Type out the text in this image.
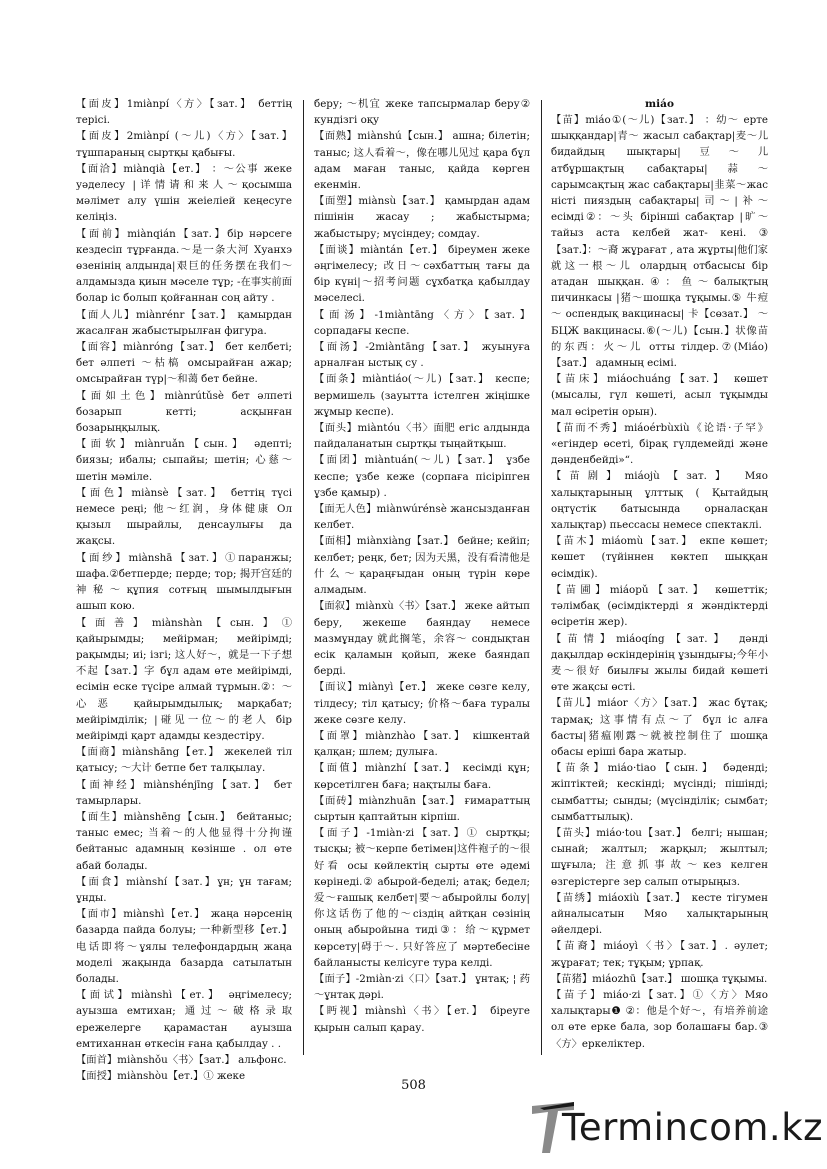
【面皮】1miànpí〈方〉【зат.】 беттің терісі.

【面皮】2miànpí (～儿)〈方〉【зат.】 тұшпараның сыртқы қабығы.

【面洽】miànqià【ет.】 ：～公事 жеке уәделесу |详情请和来人～қосымша мәлімет алу үшін жеіеліей кеңесуге келіңіз.

【面前】miànqián【зат.】бір нәрсеге кездесіп тұрғанда.～是一条大河 Хуанхэ өзенінің алдында|艰巨的任务摆在我们～алдамызда қиын мәселе тұр; -在事实前面 болар іс болып қойғаннан соң айту .

【面人儿】miànrénr【зат.】 қамырдан жасалған жабыстырылған фигура.

【面容】miànróng【зат.】 бет келбеті; бет әлпеті ～枯槁 омсырайған ажар; омсырайған түр|～和蔼 бет бейне.

【面如土色】miànrútǔsè бет әлпеті бозарып кетті; асқынған бозарыңқылық.

【面软】miànruǎn【сын.】 әдепті; биязы; ибалы; сыпайы; шетін; 心慈～ шетін мәміле.

【面色】miànsè【зат.】 беттің түсі немесе реңі; 他～红润，身体健康 Ол қызыл шырайлы, денсаулығы да жақсы.

【面纱】miànshā【зат.】①паранжы; шафа.②бетперде; перде; тор; 揭开宫廷的神秘～құпия сотғың шымылдығын ашып кою.

【面善】miànshàn【сын.】① қайырымды; мейірман; мейірімді; рақымды; иі; ізгі; 这人好～，就是一下子想不起【зат.】字 бұл адам өте мейірімді, есімін еске түсіре алмай тұрмын.②：～心恶 қайырымдылық; марқабат; мейірімділік; |碰见一位～的老人 бір мейірімді қарт адамды кездестіру.

【面商】miànshāng【ет.】 жекелей тіл қатысу; ～大计 бетпе бет талқылау.

【面神经】miànshénjīng【зат.】 бет тамырлары.

【面生】miànshēng【сын.】 бейтаныс; таныс емес; 当着～的人他显得十分拘谨 бейтаныс адамның көзінше . ол өте абай болады.

【面食】miànshí【зат.】ұн; ұн тағам; ұнды.

【面市】miànshì【ет.】 жаңа нәрсенің базарда пайда болуы; 一种新型移【ет.】电话即将～ұялы телефондардың жаңа моделі жақында базарда сатылатын болады.

【面试】miànshì【ет.】 әңгімелесу; ауызша емтихан; 通过～破格录取 ережелерге қарамастан ауызша емтиханнан өткесін ғана қабылдау . .

【面首】miànshǒu〈书〉【зат.】 альфонс.

【面授】miànshòu【ет.】① жеке

беру; ～机宜 жеке тапсырмалар беру② кундізгі оқу

【面熟】miànshú【сын.】 ашна; білетін; таныс; 这人看着～，像在哪儿见过 қара бұл адам маған таныс, қайда көрген екенмін.

【面塑】miànsù【зат.】 қамырдан адам пішінін жасау ; жабыстырма; жабыстыру; мүсіндеу; сомдау.

【面谈】miàntán【ет.】 біреумен жеке әңгімелесу; 改日～сәхбаттың тағы да бір күні|～招考问题 сұхбатқа қабылдау мәселесі.

【面汤】-1miàntāng〈方〉【зат.】 сорпадағы кеспе.

【面汤】-2miàntāng【зат.】 жуынуға арналған ыстық су .

【面条】miàntiáo(～儿)【зат.】 кеспе; вермишель (зауытта істелген жіңішке жұмыр кеспе).

【面头】miàntóu〈书〉面肥 егіс алдында пайдаланатын сыртқы тыңайтқыш.

【面团】miàntuán(～儿)【зат.】 ұзбе кеспе; ұзбе кеже (сорпаға пісіріпген ұзбе қамыр) .

【面无人色】miànwúrénsè жансызданған келбет.

【面相】miànxiàng【зат.】 бейне; кейіп; келбет; реңк, бет; 因为天黑，没有看清他是什么～қараңғыдан оның түрін көре алмадым.

【面叙】miànxù〈书〉【зат.】 жеке айтып беру, жекеше баяндау немесе мазмұндау 就此搁笔，余容～ сондықтан есік қаламын қойып, жеке баяндап берді.

【面议】miànyì【ет.】 жеке сөзге келу, тілдесу; тіл қатысу; 价格～баға туралы жеке сөзге келу.

【面罩】miànzhào【зат.】 кішкентай қалқан; шлем; дулыға.

【面值】miànzhí【зат.】 кесімді құн; көрсетілген баға; нақтылы баға.

【面砖】miànzhuān【зат.】 ғимараттың сыртын қаптайтын кірпіш.

【面子】-1miàn·zi【зат.】① сыртқы; тысқы; 被～керпе бетімен|这件袍子的～很好看 осы көйлектің сырты өте әдемі көрінеді.② абырой-беделі; атақ; бедел; 爱～ғашық келбет|要～абыройлы болу|你这话伤了他的～сіздің айтқан сөзінің оның абыройына тиді③：给～құрмет көрсету|碍于～. 只好答应了 мәртебесіне байланысты келісуге тура келді.

【面子】-2miàn·zi〈口〉【зат.】 ұнтақ; ¦ 药～ұнтақ дәрі.

【眄视】miànshì〈书〉【ет.】 біреуге қырын салып қарау.

miáo

【苗】miáo①(～儿)【зат.】 ：幼～ ерте шыққандар|青～ жасыл сабақтар|麦～儿 бидайдың шықтары|豆～儿 атбұршақтың сабақтары|蒜～ сарымсақтың жас сабақтары|韭菜～жас ністі пияздың сабақтары|司～|补～ есімді②：～头 бірінші сабақтар |旷～тайыз аста келбей жат- кені. ③【зат.】：～裔 жұрағат , ата жұрты|他们家就这一根～儿 олардың отбасысы бір атадан шыққан.④：鱼～балықтың пичинкасы |猪～шошқа тұқымы.⑤ 牛痘～ оспендық вакцинасы| 卡【сөзат.】 ～БЦЖ вакцинасы.⑥(～儿)【сын.】状像苗的东西：火～儿 отты тілдер.⑦(Miáo)【зат.】 адамның есімі.

【苗床】miáochuáng【зат.】 көшет (мысалы, гүл көшеті, асыл тұқымды мал өсіретін орын).

【苗而不秀】miáoérbùxiù《论语·子罕》 «егіндер өсеті, бірақ гүлдемейді және дәнденбейді»“.

【苗剧】miáojù【зат.】 Мяо халықтарының ұлттық ( Қытайдың оңтүстік батысында орналасқан халықтар) пьессасы немесе спектаклі.

【苗木】miáomù【зат.】 екпе көшет; көшет (түйіннен көктеп шыққан өсімдік).

【苗圃】miáopǔ【зат.】 көшеттік; тәлімбақ (өсімдіктерді я жәндіктерді өсіретін жер).

【苗情】miáoqíng【зат.】 дәнді дақылдар өскіндерінің ұзындығы;今年小麦～很好 биылғы жылы бидай көшеті өте жақсы өсті.

【苗儿】miáor〈方〉【зат.】 жас бұтақ; тармақ; 这事情有点～了 бұл іс алға басты|猪瘟刚露～就被控制住了 шошқа обасы еріші бара жатыр.

【苗条】miáo·tiao【сын.】 бәденді; жіптіктей; кескінді; мүсінді; пішінді; сымбатты; сынды; (мүсінділік; сымбат; сымбаттылық).

【苗头】miáo·tou【зат.】 белгі; нышан; сынай; жалтыл; жарқыл; жылтыл; шұғыла; 注意抓事故～кез келген өзгерістерге зер салып отырыңыз.

【苗绣】miáoxiù【зат.】 кесте тігумен айналысатын Мяо халықтарының әйелдері.

【苗裔】miáoyì〈书〉【зат.】. әулет; жұрағат; тек; тұқым; ұрпақ.

【苗猪】miáozhū【зат.】 шошқа тұқымы.

【苗子】miáo·zi【зат.】①〈方〉Мяо халықтары❶ ②：他是个好～，有培养前途 ол өте ерке бала, зор болашағы бар.③〈方〉еркеліктер.

508
Termincom.kz
